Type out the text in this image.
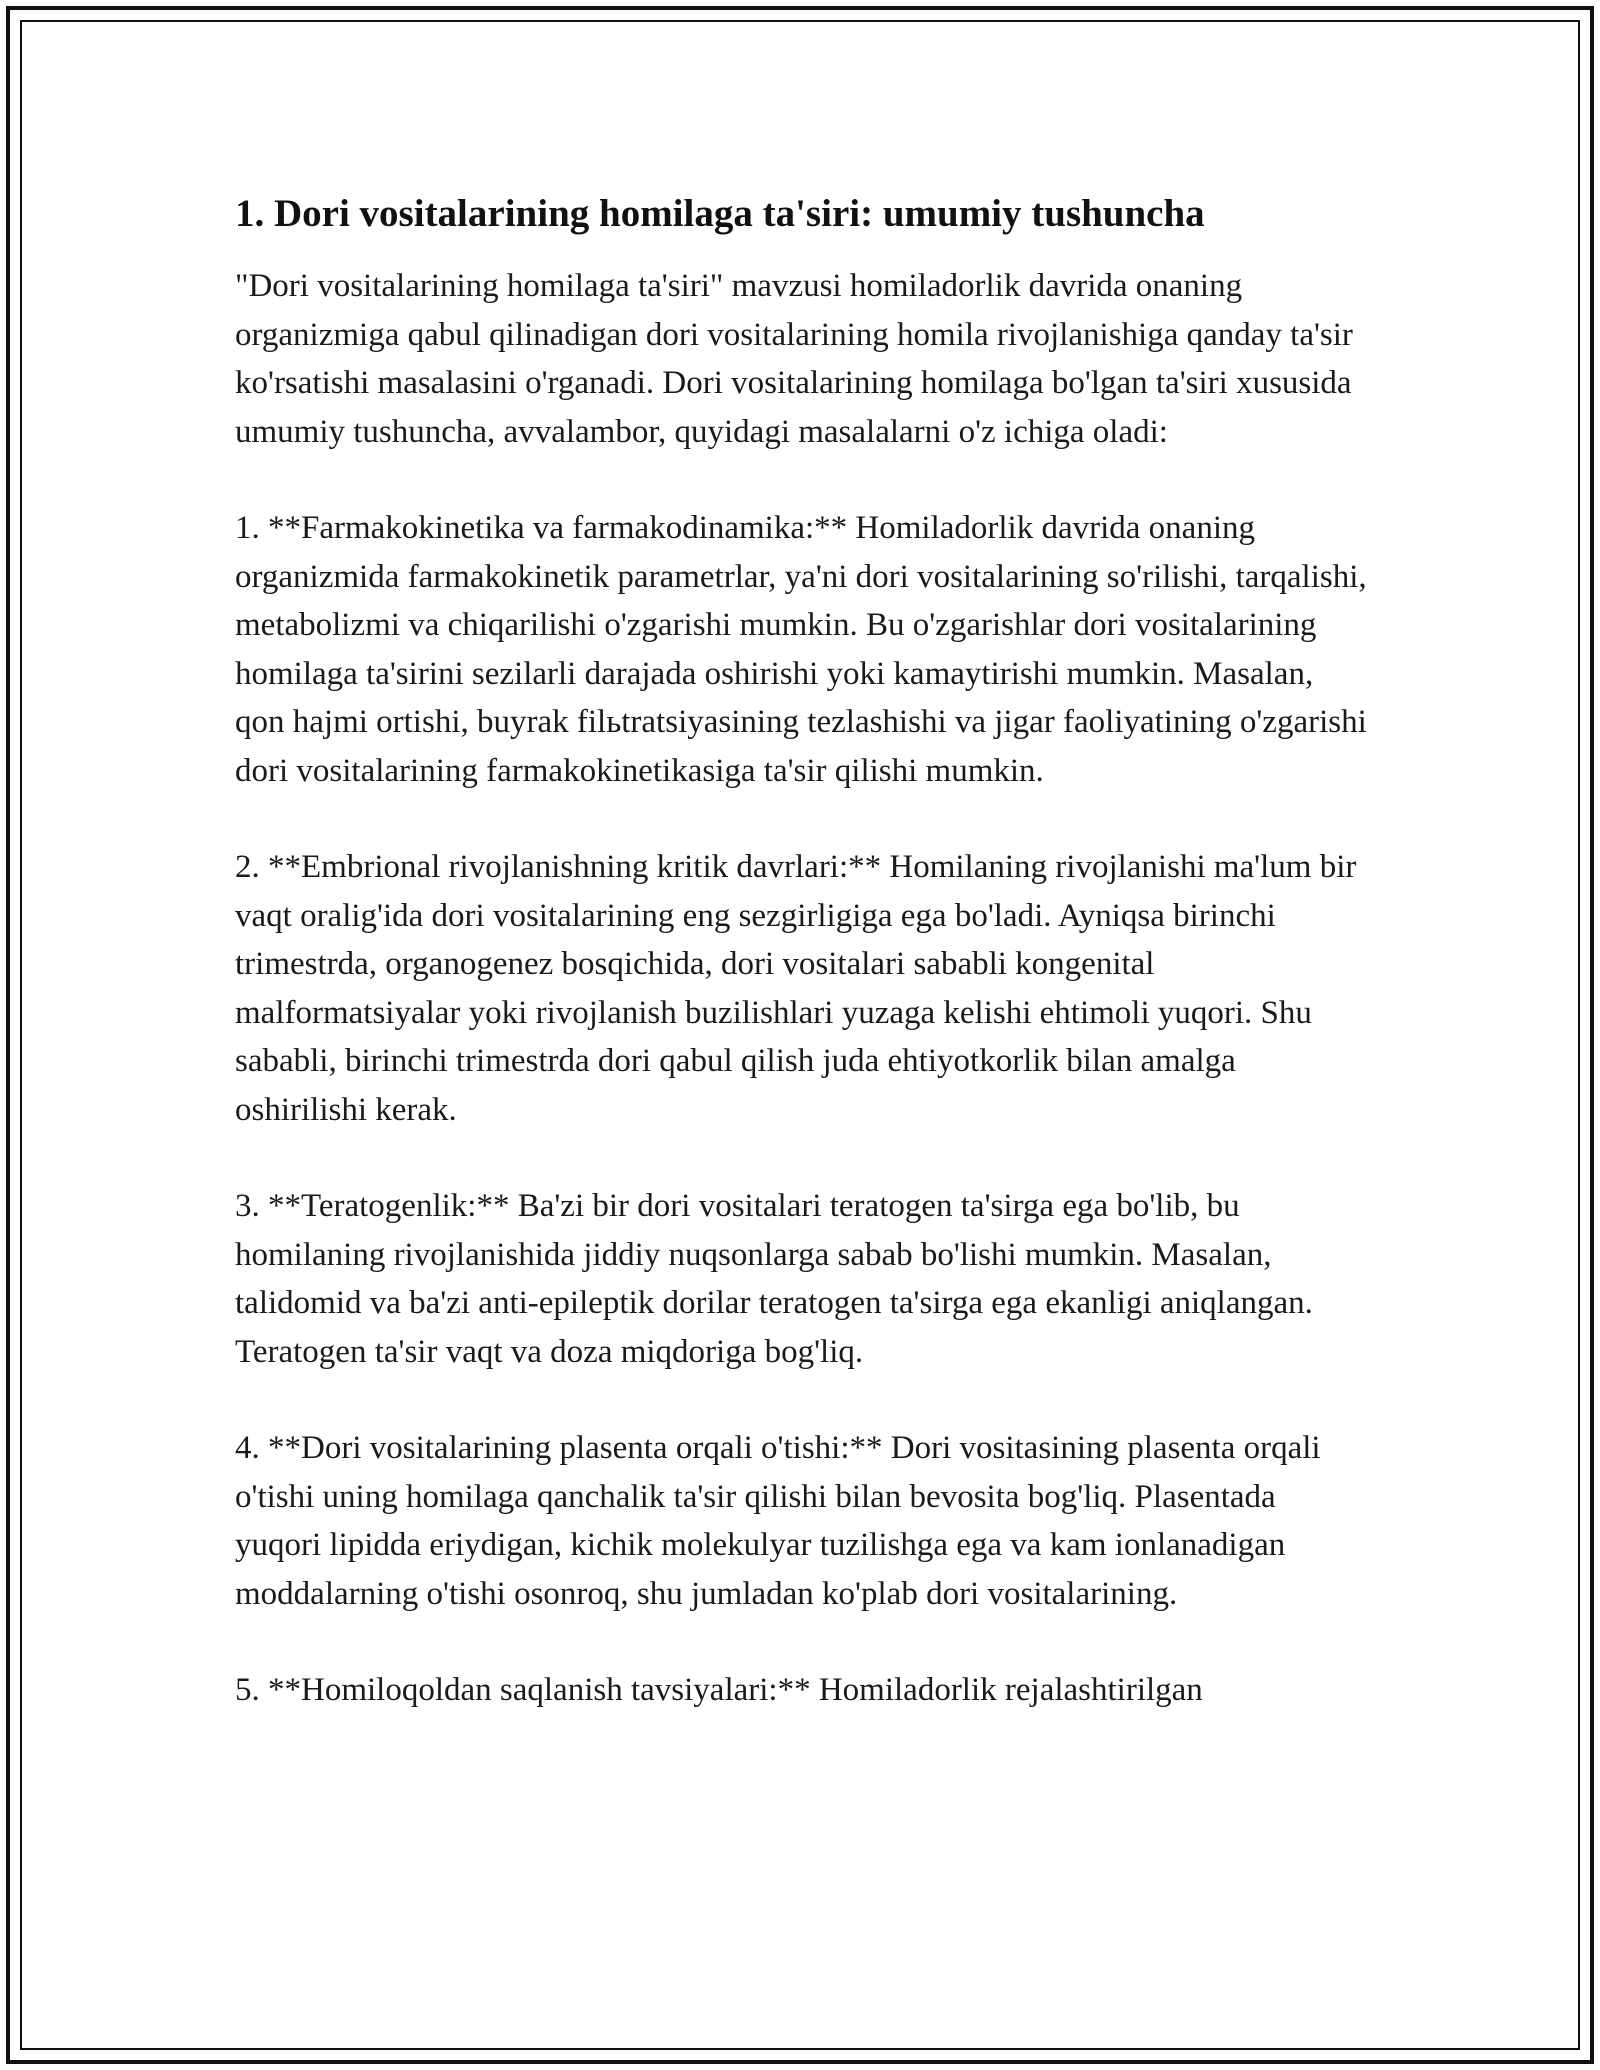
1. Dori vositalarining homilaga ta'siri: umumiy tushuncha

"Dori vositalarining homilaga ta'siri" mavzusi homiladorlik davrida onaning organizmiga qabul qilinadigan dori vositalarining homila rivojlanishiga qanday ta'sir ko'rsatishi masalasini o'rganadi. Dori vositalarining homilaga bo'lgan ta'siri xususida umumiy tushuncha, avvalambor, quyidagi masalalarni o'z ichiga oladi:

1. **Farmakokinetika va farmakodinamika:** Homiladorlik davrida onaning organizmida farmakokinetik parametrlar, ya'ni dori vositalarining so'rilishi, tarqalishi, metabolizmi va chiqarilishi o'zgarishi mumkin. Bu o'zgarishlar dori vositalarining homilaga ta'sirini sezilarli darajada oshirishi yoki kamaytirishi mumkin. Masalan, qon hajmi ortishi, buyrak filьtratsiyasining tezlashishi va jigar faoliyatining o'zgarishi dori vositalarining farmakokinetikasiga ta'sir qilishi mumkin.

2. **Embrional rivojlanishning kritik davrlari:** Homilaning rivojlanishi ma'lum bir vaqt oralig'ida dori vositalarining eng sezgirligiga ega bo'ladi. Ayniqsa birinchi trimestrda, organogenez bosqichida, dori vositalari sababli kongenital malformatsiyalar yoki rivojlanish buzilishlari yuzaga kelishi ehtimoli yuqori. Shu sababli, birinchi trimestrda dori qabul qilish juda ehtiyotkorlik bilan amalga oshirilishi kerak.

3. **Teratogenlik:** Ba'zi bir dori vositalari teratogen ta'sirga ega bo'lib, bu homilaning rivojlanishida jiddiy nuqsonlarga sabab bo'lishi mumkin. Masalan, talidomid va ba'zi anti-epileptik dorilar teratogen ta'sirga ega ekanligi aniqlangan. Teratogen ta'sir vaqt va doza miqdoriga bog'liq.

4. **Dori vositalarining plasenta orqali o'tishi:** Dori vositasining plasenta orqali o'tishi uning homilaga qanchalik ta'sir qilishi bilan bevosita bog'liq. Plasentada yuqori lipidda eriydigan, kichik molekulyar tuzilishga ega va kam ionlanadigan moddalarning o'tishi osonroq, shu jumladan ko'plab dori vositalarining.

5. **Homiloqoldan saqlanish tavsiyalari:** Homiladorlik rejalashtirilgan
